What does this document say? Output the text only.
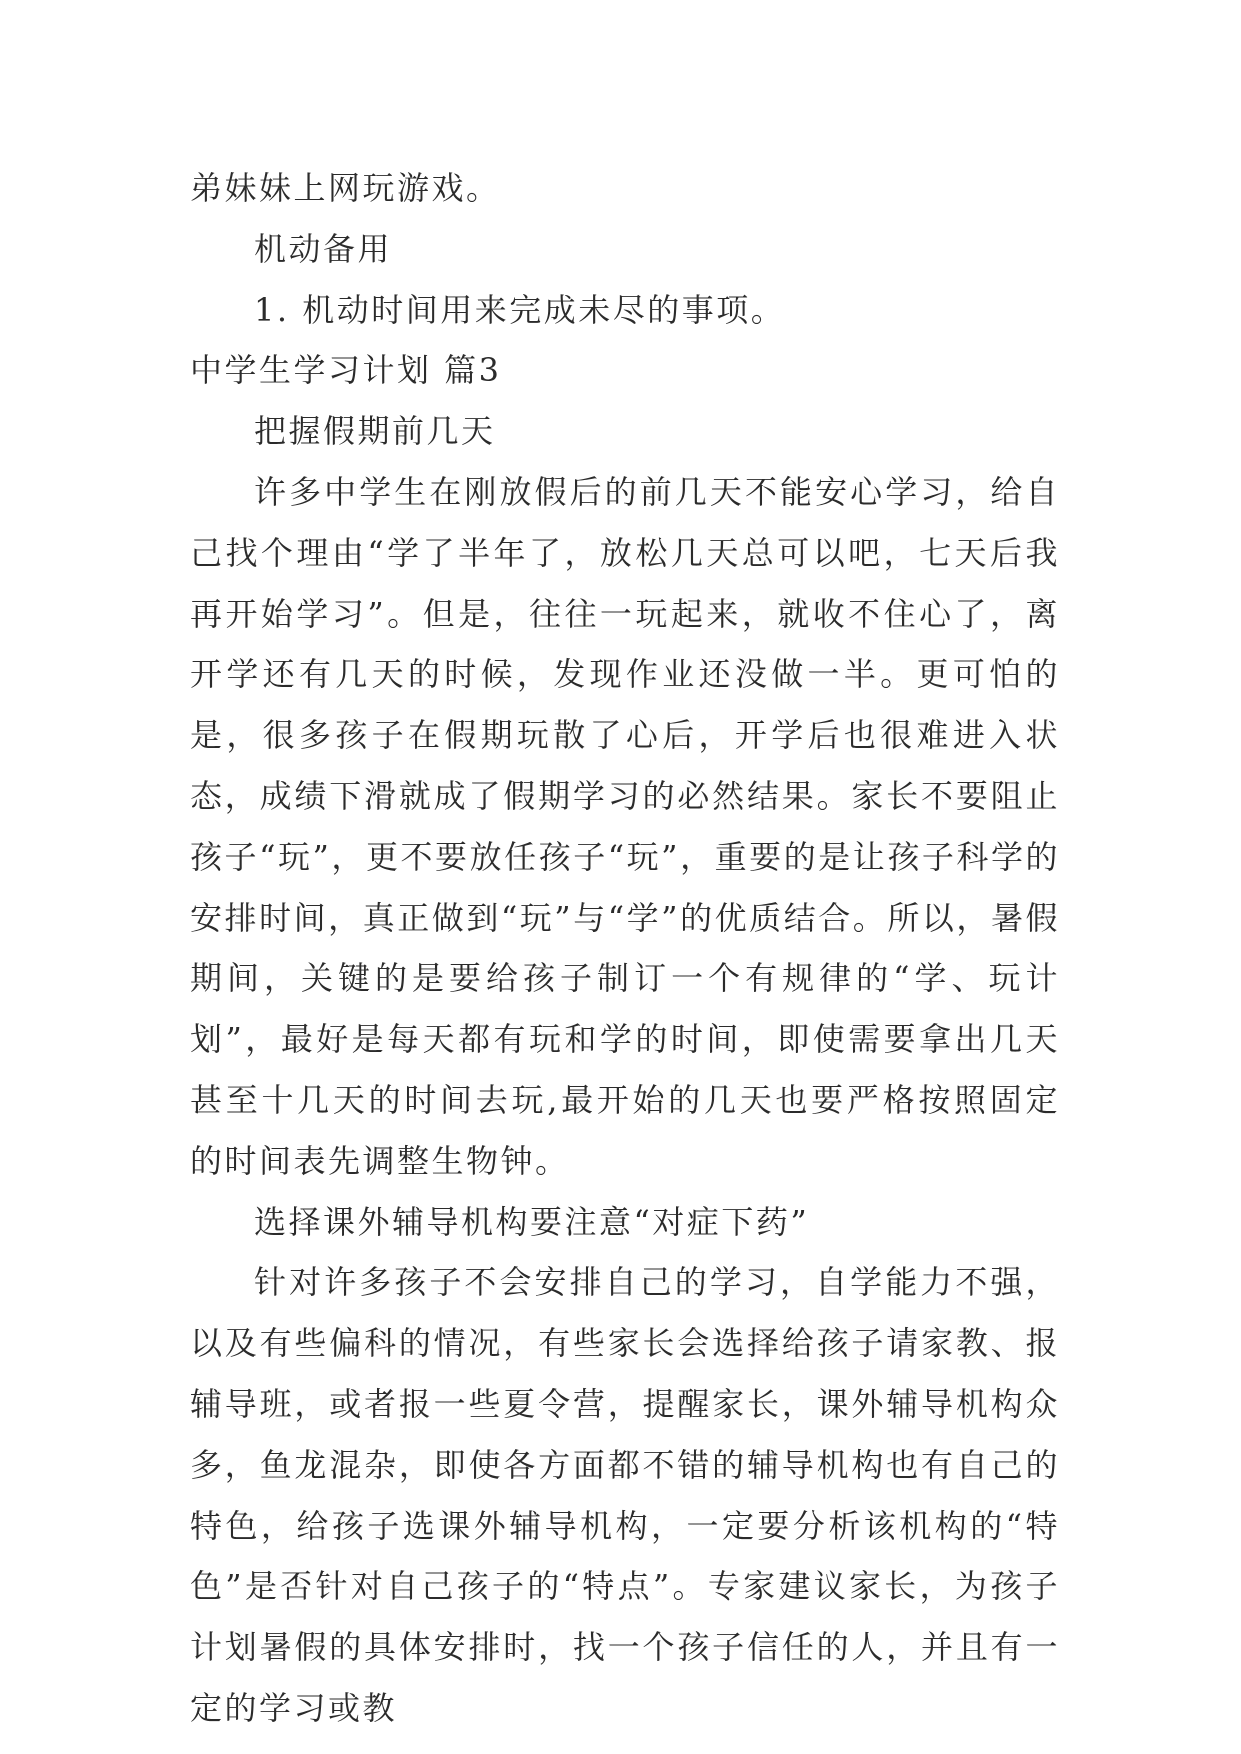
弟妹妹上网玩游戏。

机动备用

1. 机动时间用来完成未尽的事项。

中学生学习计划 篇3

把握假期前几天

许多中学生在刚放假后的前几天不能安心学习，给自己找个理由“学了半年了，放松几天总可以吧，七天后我再开始学习”。但是，往往一玩起来，就收不住心了，离开学还有几天的时候，发现作业还没做一半。更可怕的是，很多孩子在假期玩散了心后，开学后也很难进入状态，成绩下滑就成了假期学习的必然结果。家长不要阻止孩子“玩”，更不要放任孩子“玩”，重要的是让孩子科学的安排时间，真正做到“玩”与“学”的优质结合。所以，暑假期间，关键的是要给孩子制订一个有规律的“学、玩计划”，最好是每天都有玩和学的时间，即使需要拿出几天甚至十几天的时间去玩,最开始的几天也要严格按照固定的时间表先调整生物钟。

选择课外辅导机构要注意“对症下药”

针对许多孩子不会安排自己的学习，自学能力不强，以及有些偏科的情况，有些家长会选择给孩子请家教、报辅导班，或者报一些夏令营，提醒家长，课外辅导机构众多，鱼龙混杂，即使各方面都不错的辅导机构也有自己的特色，给孩子选课外辅导机构，一定要分析该机构的“特色”是否针对自己孩子的“特点”。专家建议家长，为孩子计划暑假的具体安排时，找一个孩子信任的人，并且有一定的学习或教
